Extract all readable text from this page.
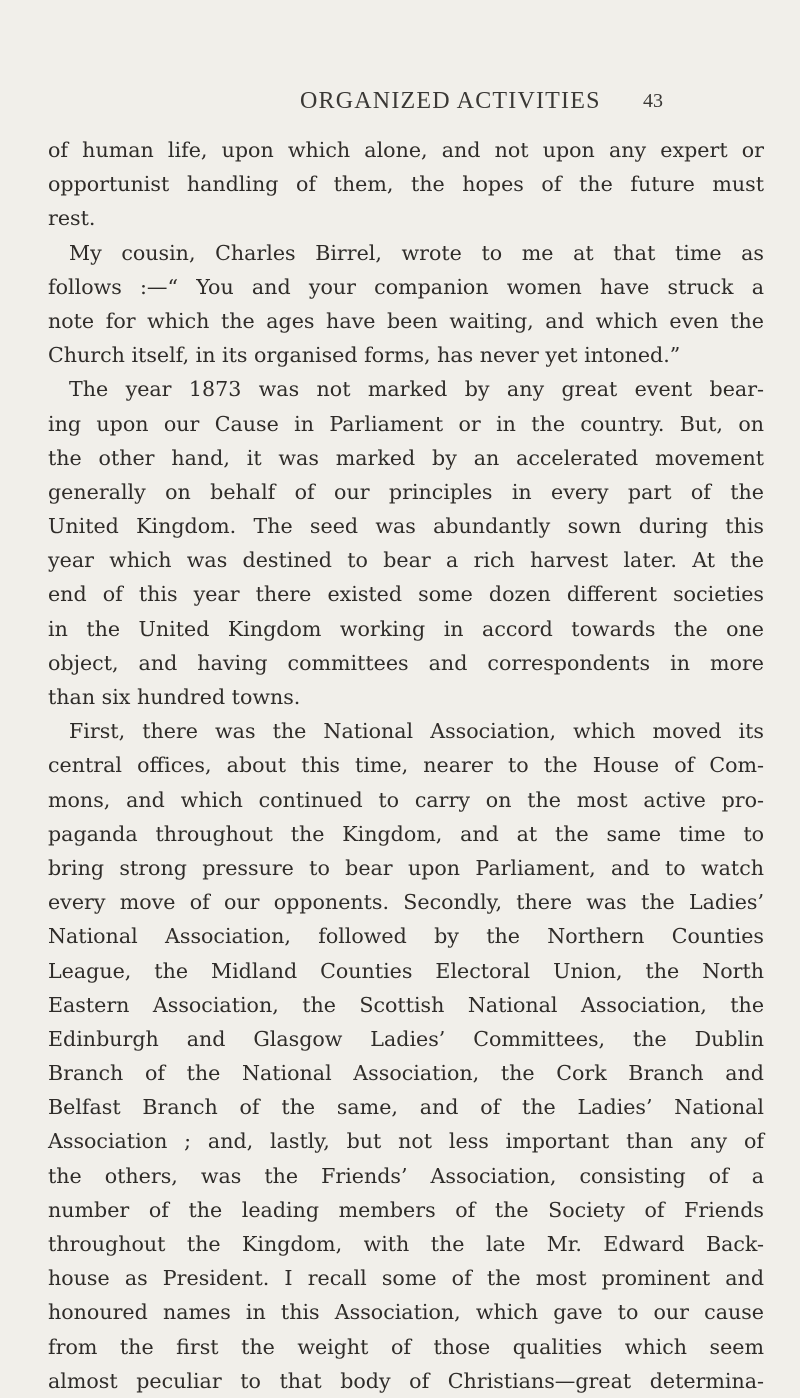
ORGANIZED ACTIVITIES 43
of human life, upon which alone, and not upon any expert or
opportunist handling of them, the hopes of the future must
rest.
My cousin, Charles Birrel, wrote to me at that time as
follows :—“ You and your companion women have struck a
note for which the ages have been waiting, and which even the
Church itself, in its organised forms, has never yet intoned.”
The year 1873 was not marked by any great event bear-
ing upon our Cause in Parliament or in the country. But, on
the other hand, it was marked by an accelerated movement
generally on behalf of our principles in every part of the
United Kingdom. The seed was abundantly sown during this
year which was destined to bear a rich harvest later. At the
end of this year there existed some dozen different societies
in the United Kingdom working in accord towards the one
object, and having committees and correspondents in more
than six hundred towns.
First, there was the National Association, which moved its
central offices, about this time, nearer to the House of Com-
mons, and which continued to carry on the most active pro-
paganda throughout the Kingdom, and at the same time to
bring strong pressure to bear upon Parliament, and to watch
every move of our opponents. Secondly, there was the Ladies’
National Association, followed by the Northern Counties
League, the Midland Counties Electoral Union, the North
Eastern Association, the Scottish National Association, the
Edinburgh and Glasgow Ladies’ Committees, the Dublin
Branch of the National Association, the Cork Branch and
Belfast Branch of the same, and of the Ladies’ National
Association ; and, lastly, but not less important than any of
the others, was the Friends’ Association, consisting of a
number of the leading members of the Society of Friends
throughout the Kingdom, with the late Mr. Edward Back-
house as President. I recall some of the most prominent and
honoured names in this Association, which gave to our cause
from the first the weight of those qualities which seem
almost peculiar to that body of Christians—great determina-
